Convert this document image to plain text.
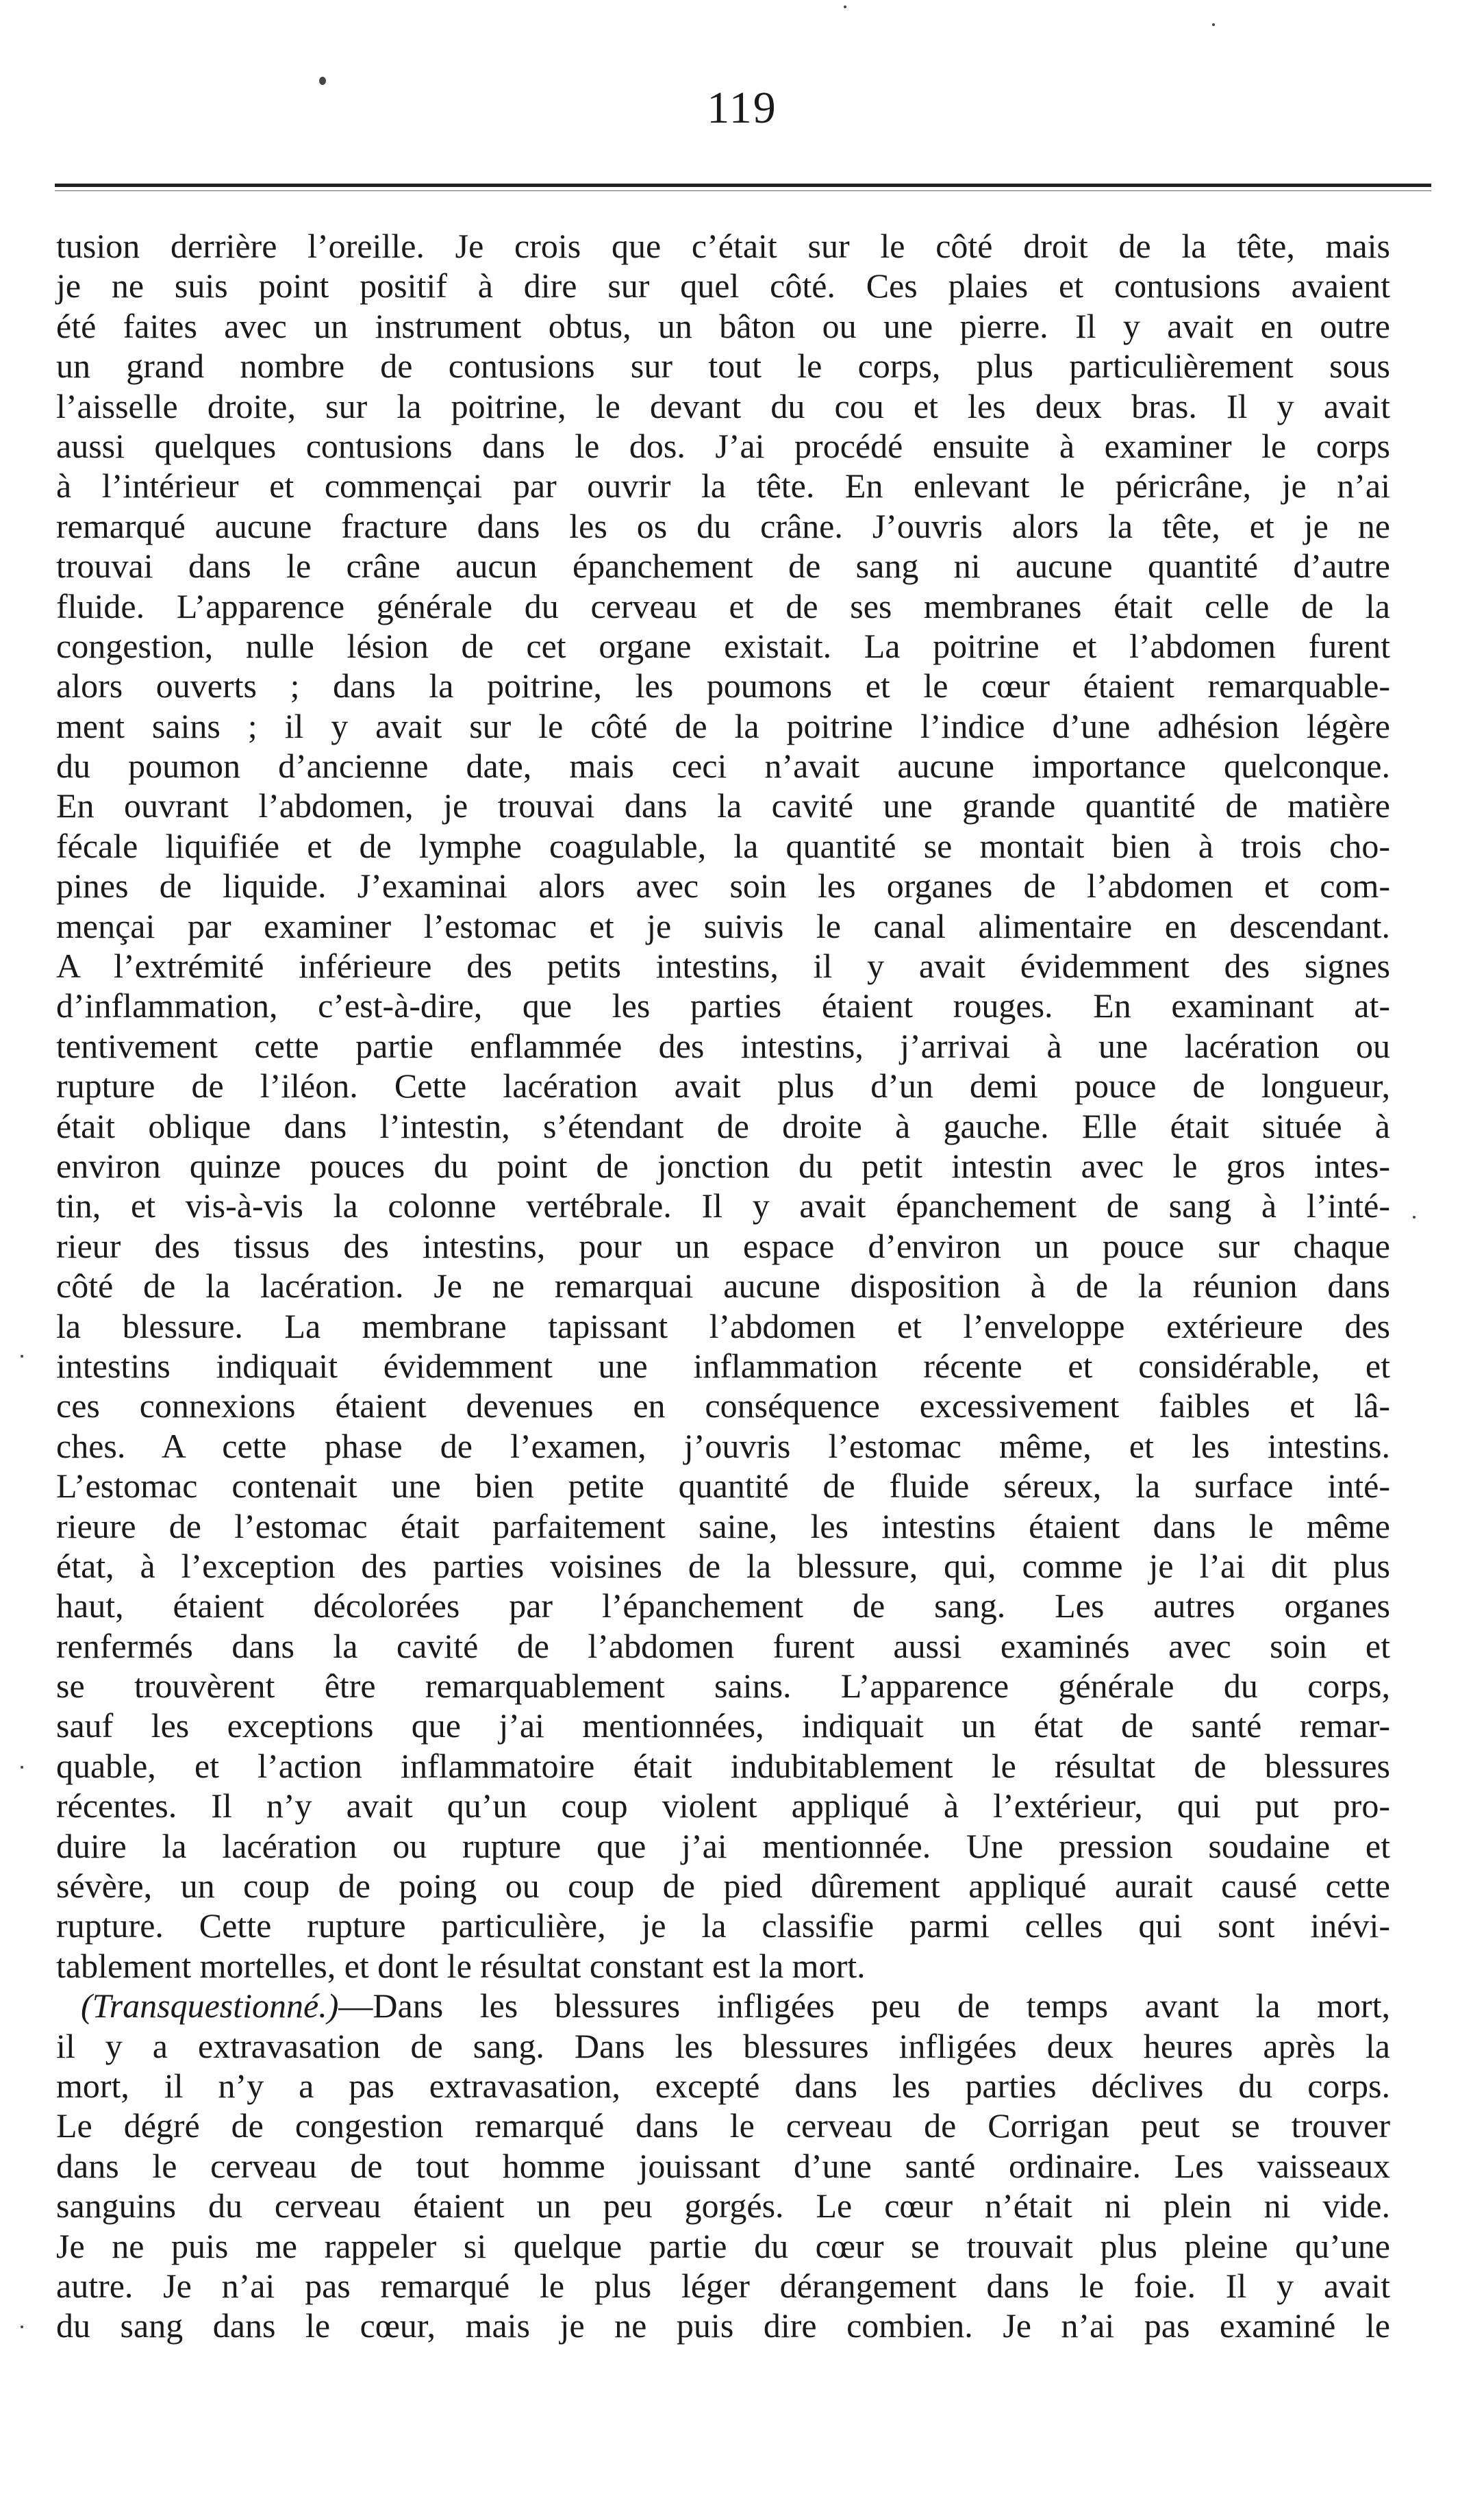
119
tusion derrière l’oreille. Je crois que c’était sur le côté droit de la tête, mais
je ne suis point positif à dire sur quel côté. Ces plaies et contusions avaient
été faites avec un instrument obtus, un bâton ou une pierre. Il y avait en outre
un grand nombre de contusions sur tout le corps, plus particulièrement sous
l’aisselle droite, sur la poitrine, le devant du cou et les deux bras. Il y avait
aussi quelques contusions dans le dos. J’ai procédé ensuite à examiner le corps
à l’intérieur et commençai par ouvrir la tête. En enlevant le péricrâne, je n’ai
remarqué aucune fracture dans les os du crâne. J’ouvris alors la tête, et je ne
trouvai dans le crâne aucun épanchement de sang ni aucune quantité d’autre
fluide. L’apparence générale du cerveau et de ses membranes était celle de la
congestion, nulle lésion de cet organe existait. La poitrine et l’abdomen furent
alors ouverts ; dans la poitrine, les poumons et le cœur étaient remarquable-
ment sains ; il y avait sur le côté de la poitrine l’indice d’une adhésion légère
du poumon d’ancienne date, mais ceci n’avait aucune importance quelconque.
En ouvrant l’abdomen, je trouvai dans la cavité une grande quantité de matière
fécale liquifiée et de lymphe coagulable, la quantité se montait bien à trois cho-
pines de liquide. J’examinai alors avec soin les organes de l’abdomen et com-
mençai par examiner l’estomac et je suivis le canal alimentaire en descendant.
A l’extrémité inférieure des petits intestins, il y avait évidemment des signes
d’inflammation, c’est-à-dire, que les parties étaient rouges. En examinant at-
tentivement cette partie enflammée des intestins, j’arrivai à une lacération ou
rupture de l’iléon. Cette lacération avait plus d’un demi pouce de longueur,
était oblique dans l’intestin, s’étendant de droite à gauche. Elle était située à
environ quinze pouces du point de jonction du petit intestin avec le gros intes-
tin, et vis-à-vis la colonne vertébrale. Il y avait épanchement de sang à l’inté-
rieur des tissus des intestins, pour un espace d’environ un pouce sur chaque
côté de la lacération. Je ne remarquai aucune disposition à de la réunion dans
la blessure. La membrane tapissant l’abdomen et l’enveloppe extérieure des
intestins indiquait évidemment une inflammation récente et considérable, et
ces connexions étaient devenues en conséquence excessivement faibles et lâ-
ches. A cette phase de l’examen, j’ouvris l’estomac même, et les intestins.
L’estomac contenait une bien petite quantité de fluide séreux, la surface inté-
rieure de l’estomac était parfaitement saine, les intestins étaient dans le même
état, à l’exception des parties voisines de la blessure, qui, comme je l’ai dit plus
haut, étaient décolorées par l’épanchement de sang. Les autres organes
renfermés dans la cavité de l’abdomen furent aussi examinés avec soin et
se trouvèrent être remarquablement sains. L’apparence générale du corps,
sauf les exceptions que j’ai mentionnées, indiquait un état de santé remar-
quable, et l’action inflammatoire était indubitablement le résultat de blessures
récentes. Il n’y avait qu’un coup violent appliqué à l’extérieur, qui put pro-
duire la lacération ou rupture que j’ai mentionnée. Une pression soudaine et
sévère, un coup de poing ou coup de pied dûrement appliqué aurait causé cette
rupture. Cette rupture particulière, je la classifie parmi celles qui sont inévi-
tablement mortelles, et dont le résultat constant est la mort.
(Transquestionné.)—Dans les blessures infligées peu de temps avant la mort,
il y a extravasation de sang. Dans les blessures infligées deux heures après la
mort, il n’y a pas extravasation, excepté dans les parties déclives du corps.
Le dégré de congestion remarqué dans le cerveau de Corrigan peut se trouver
dans le cerveau de tout homme jouissant d’une santé ordinaire. Les vaisseaux
sanguins du cerveau étaient un peu gorgés. Le cœur n’était ni plein ni vide.
Je ne puis me rappeler si quelque partie du cœur se trouvait plus pleine qu’une
autre. Je n’ai pas remarqué le plus léger dérangement dans le foie. Il y avait
du sang dans le cœur, mais je ne puis dire combien. Je n’ai pas examiné le
